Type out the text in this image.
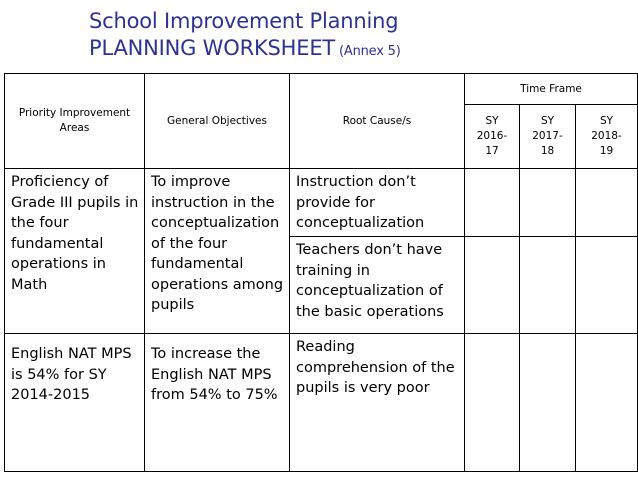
School Improvement Planning
PLANNING WORKSHEET (Annex 5)
Priority Improvement Areas	General Objectives	Root Cause/s	Time Frame		

			SY 2016-17	SY 2017-18	SY 2018-19

Proficiency of Grade III pupils in the four fundamental operations in Math	To improve instruction in the conceptualization of the four fundamental operations among pupils	Instruction don’t provide for conceptualization			
		Teachers don’t have training in conceptualization of the basic operations			
English NAT MPS is 54% for SY 2014-2015	To increase the English NAT MPS from 54% to 75%	Reading comprehension of the pupils is very poor			
